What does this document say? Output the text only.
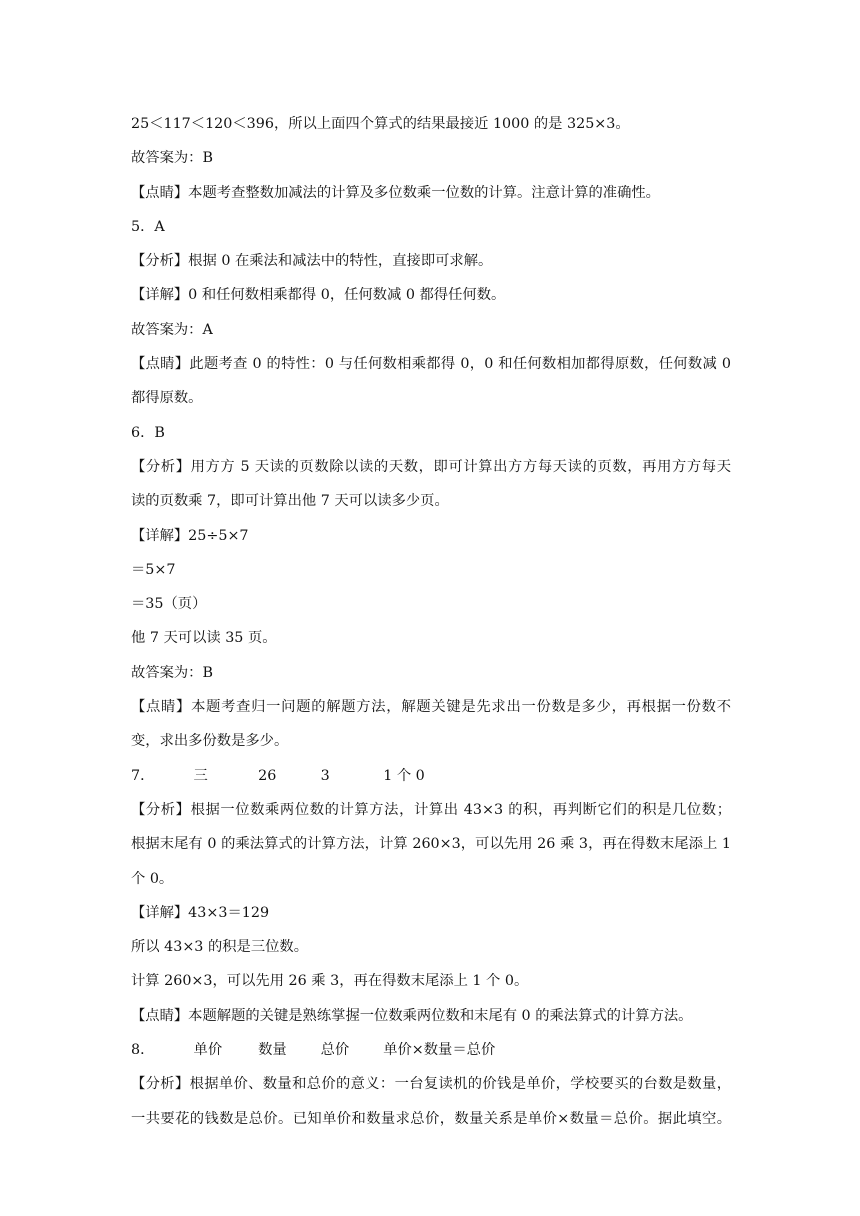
25＜117＜120＜396，所以上面四个算式的结果最接近 1000 的是 325×3。
故答案为：B
【点睛】本题考查整数加减法的计算及多位数乘一位数的计算。注意计算的准确性。
5．A
【分析】根据 0 在乘法和减法中的特性，直接即可求解。
【详解】0 和任何数相乘都得 0，任何数减 0 都得任何数。
故答案为：A
【点睛】此题考查 0 的特性：0 与任何数相乘都得 0，0 和任何数相加都得原数，任何数减 0
都得原数。
6．B
【分析】用方方 5 天读的页数除以读的天数，即可计算出方方每天读的页数，再用方方每天
读的页数乘 7，即可计算出他 7 天可以读多少页。
【详解】25÷5×7
＝5×7
＝35（页）
他 7 天可以读 35 页。
故答案为：B
【点睛】本题考查归一问题的解题方法，解题关键是先求出一份数是多少，再根据一份数不
变，求出多份数是多少。
7．	三	26	3	1 个 0
【分析】根据一位数乘两位数的计算方法，计算出 43×3 的积，再判断它们的积是几位数；
根据末尾有 0 的乘法算式的计算方法，计算 260×3，可以先用 26 乘 3，再在得数末尾添上 1
个 0。
【详解】43×3＝129
所以 43×3 的积是三位数。
计算 260×3，可以先用 26 乘 3，再在得数末尾添上 1 个 0。
【点睛】本题解题的关键是熟练掌握一位数乘两位数和末尾有 0 的乘法算式的计算方法。
8．	单价	数量 总价 单价×数量＝总价
【分析】根据单价、数量和总价的意义：一台复读机的价钱是单价，学校要买的台数是数量，
一共要花的钱数是总价。已知单价和数量求总价，数量关系是单价×数量＝总价。据此填空。
